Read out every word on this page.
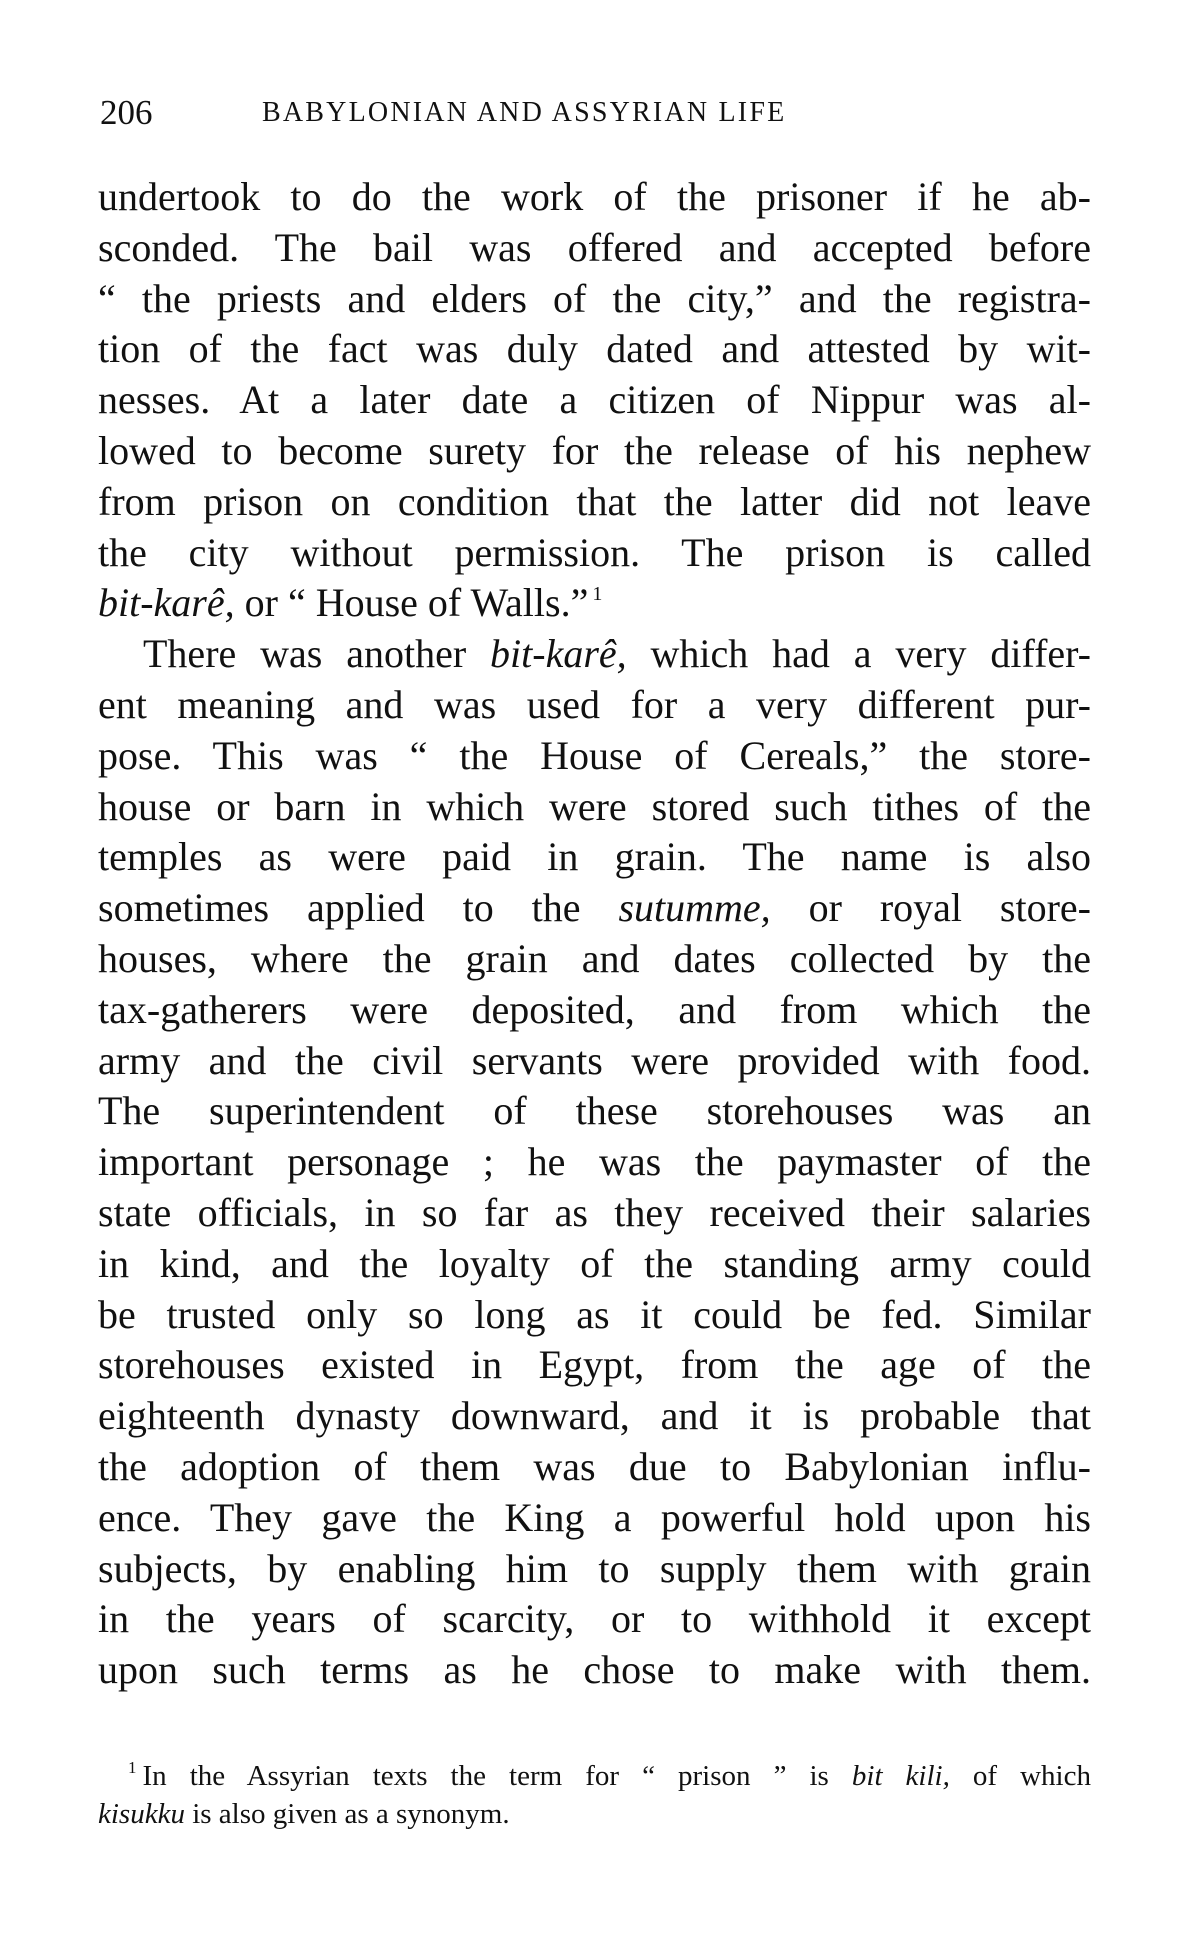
206	BABYLONIAN AND ASSYRIAN LIFE
undertook to do the work of the prisoner if he ab-
sconded. The bail was offered and accepted before
“ the priests and elders of the city,” and the registra-
tion of the fact was duly dated and attested by wit-
nesses. At a later date a citizen of Nippur was al-
lowed to become surety for the release of his nephew
from prison on condition that the latter did not leave
the city without permission. The prison is called
bit-karê, or “ House of Walls.” $^1$
There was another bit-karê, which had a very differ-
ent meaning and was used for a very different pur-
pose. This was “ the House of Cereals,” the store-
house or barn in which were stored such tithes of the
temples as were paid in grain. The name is also
sometimes applied to the sutumme, or royal store-
houses, where the grain and dates collected by the
tax-gatherers were deposited, and from which the
army and the civil servants were provided with food.
The superintendent of these storehouses was an
important personage ; he was the paymaster of the
state officials, in so far as they received their salaries
in kind, and the loyalty of the standing army could
be trusted only so long as it could be fed. Similar
storehouses existed in Egypt, from the age of the
eighteenth dynasty downward, and it is probable that
the adoption of them was due to Babylonian influ-
ence. They gave the King a powerful hold upon his
subjects, by enabling him to supply them with grain
in the years of scarcity, or to withhold it except
upon such terms as he chose to make with them.
$^1$ In the Assyrian texts the term for “ prison ” is bit kili, of which
kisukku is also given as a synonym.
